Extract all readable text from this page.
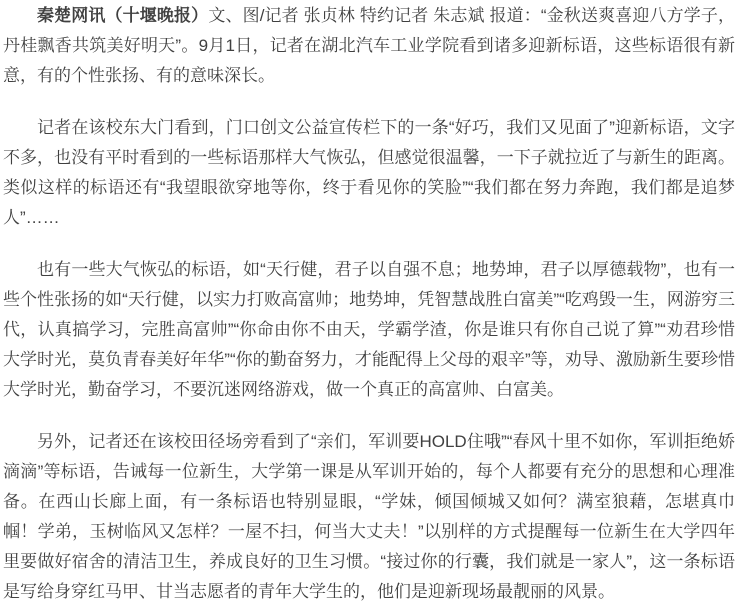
秦楚网讯（十堰晚报）文、图/记者 张贞林 特约记者 朱志斌 报道：“金秋送爽喜迎八方学子，丹桂飘香共筑美好明天”。9月1日，记者在湖北汽车工业学院看到诸多迎新标语，这些标语很有新意，有的个性张扬、有的意味深长。

记者在该校东大门看到，门口创文公益宣传栏下的一条“好巧，我们又见面了”迎新标语，文字不多，也没有平时看到的一些标语那样大气恢弘，但感觉很温馨，一下子就拉近了与新生的距离。类似这样的标语还有“我望眼欲穿地等你，终于看见你的笑脸”“我们都在努力奔跑，我们都是追梦人”……

也有一些大气恢弘的标语，如“天行健，君子以自强不息；地势坤，君子以厚德载物”，也有一些个性张扬的如“天行健，以实力打败高富帅；地势坤，凭智慧战胜白富美”“吃鸡毁一生，网游穷三代，认真搞学习，完胜高富帅”“你命由你不由天，学霸学渣，你是谁只有你自己说了算”“劝君珍惜大学时光，莫负青春美好年华”“你的勤奋努力，才能配得上父母的艰辛”等，劝导、激励新生要珍惜大学时光，勤奋学习，不要沉迷网络游戏，做一个真正的高富帅、白富美。

另外，记者还在该校田径场旁看到了“亲们，军训要HOLD住哦”“春风十里不如你，军训拒绝娇滴滴”等标语，告诫每一位新生，大学第一课是从军训开始的，每个人都要有充分的思想和心理准备。在西山长廊上面，有一条标语也特别显眼，“学妹，倾国倾城又如何？满室狼藉，怎堪真巾帼！学弟，玉树临风又怎样？一屋不扫，何当大丈夫！”以别样的方式提醒每一位新生在大学四年里要做好宿舍的清洁卫生，养成良好的卫生习惯。“接过你的行囊，我们就是一家人”，这一条标语是写给身穿红马甲、甘当志愿者的青年大学生的，他们是迎新现场最靓丽的风景。
